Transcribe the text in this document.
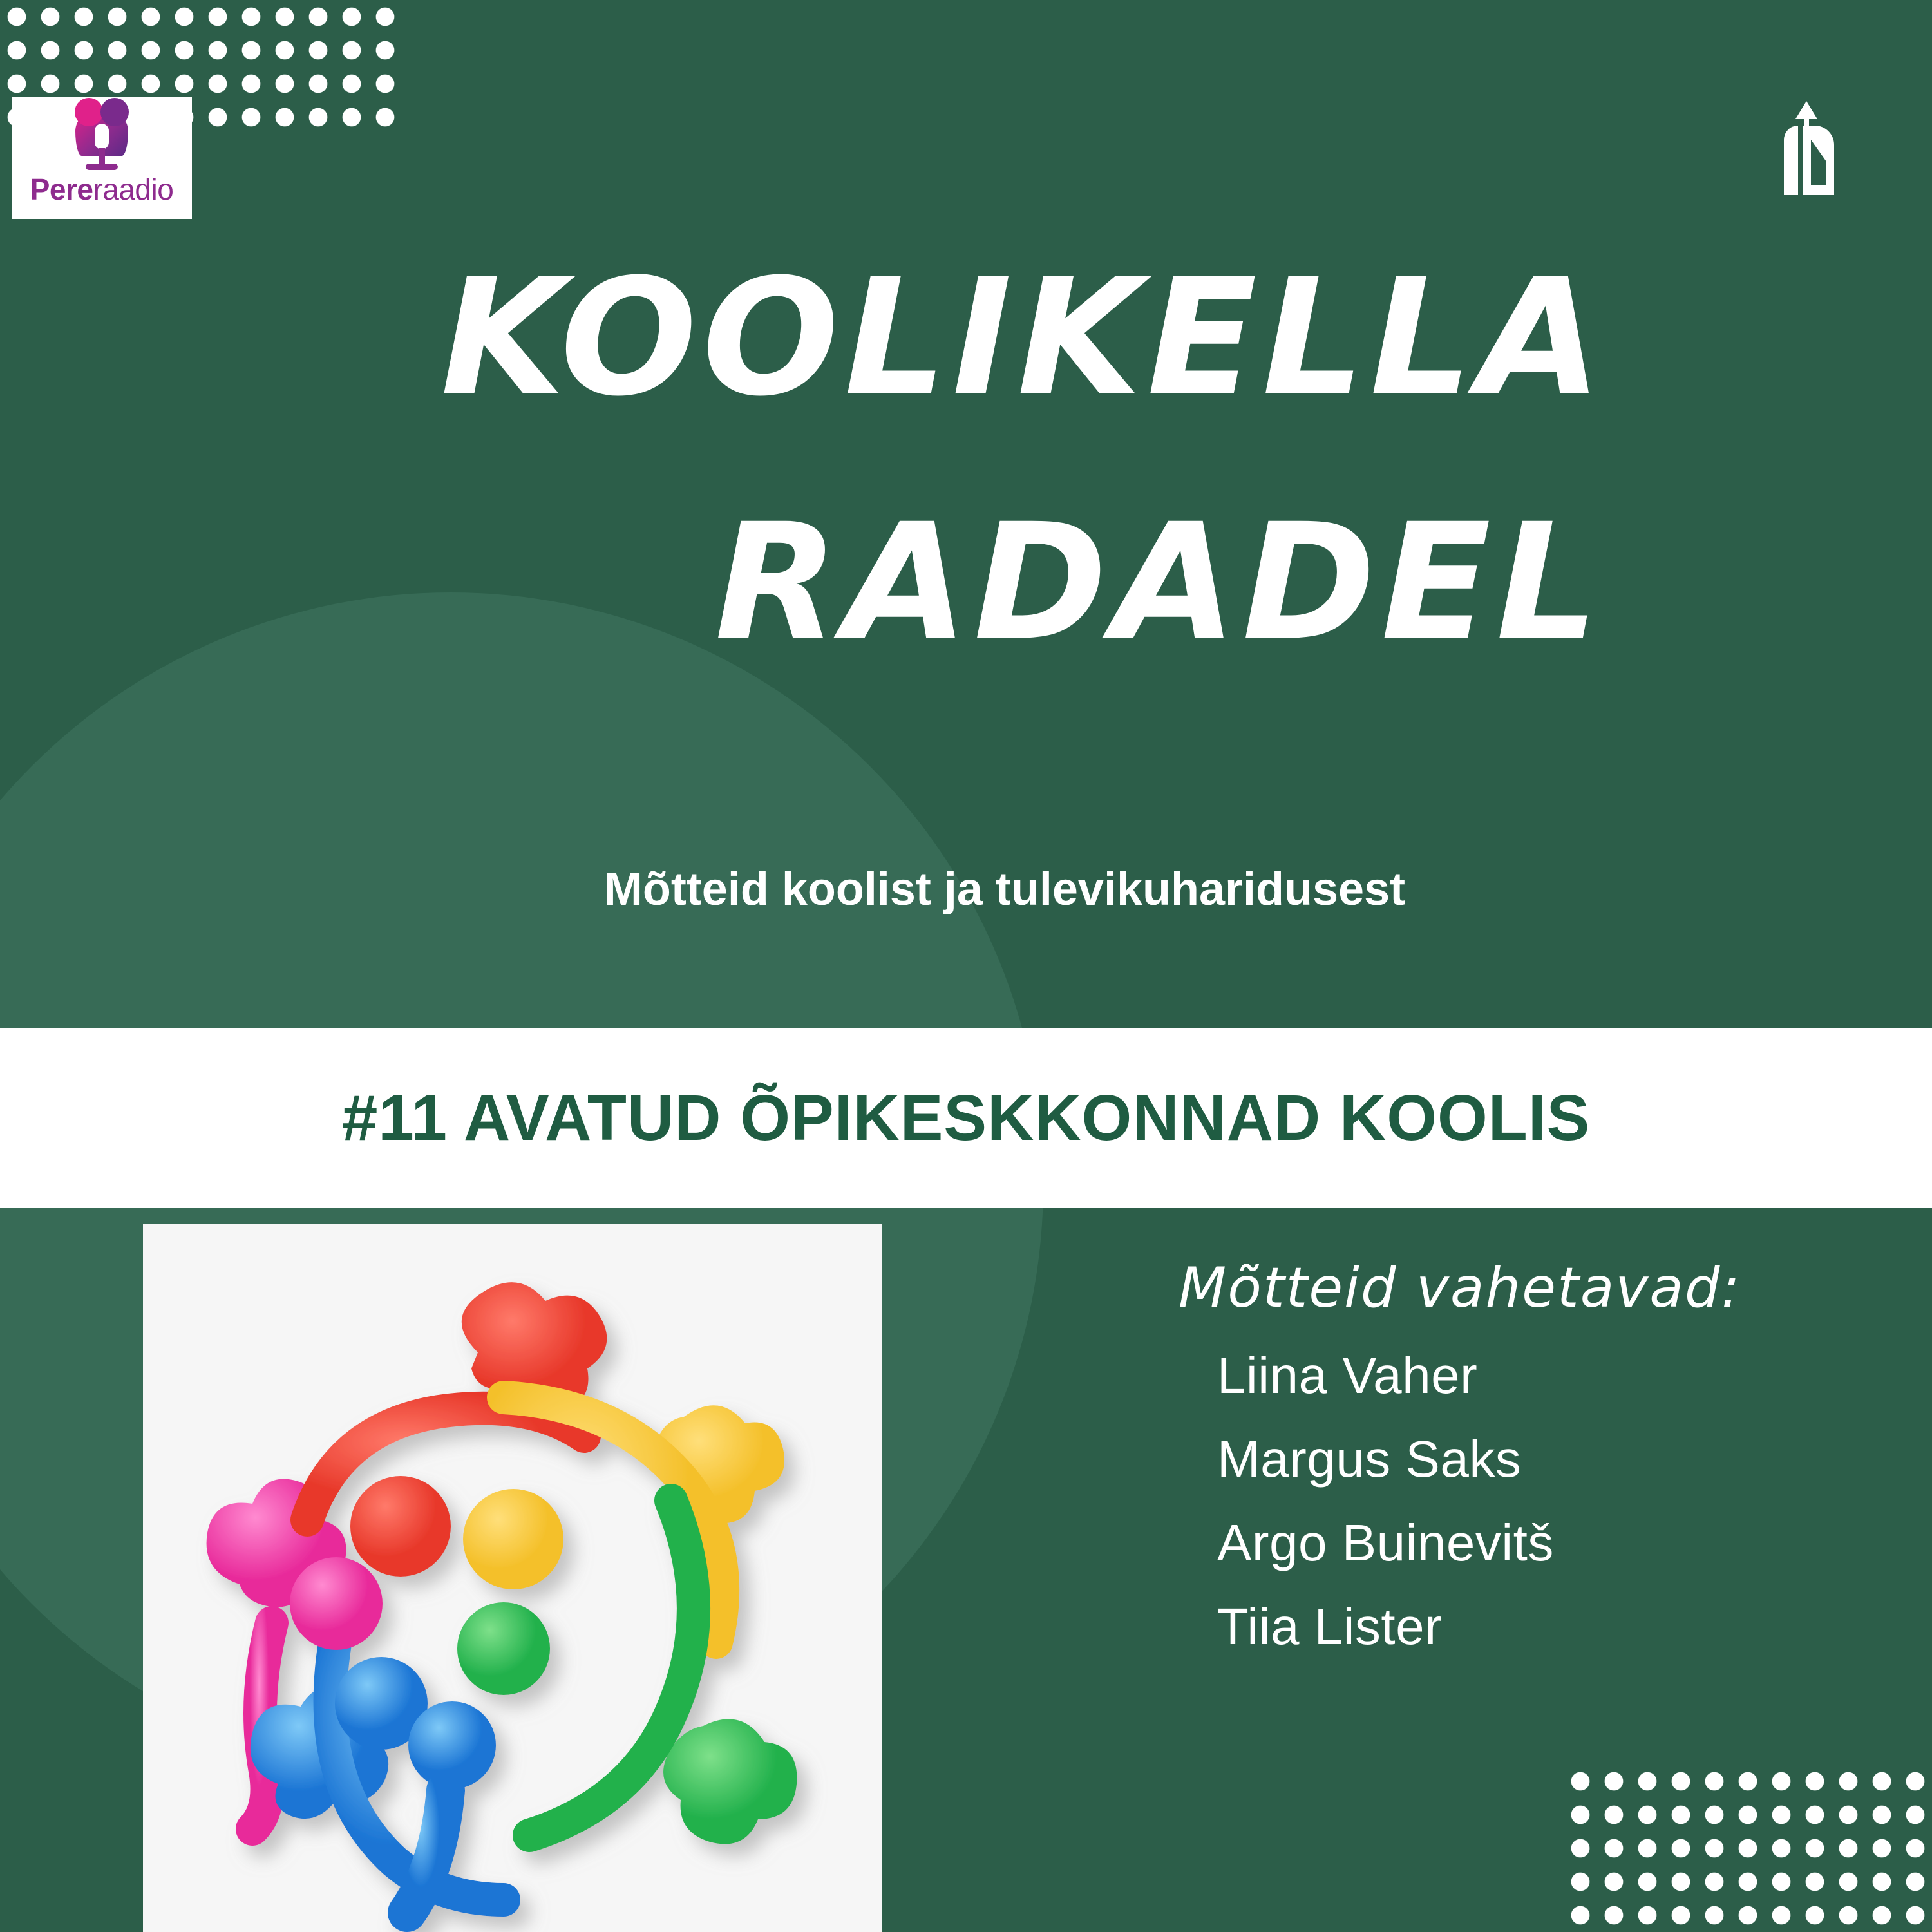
Pereraadio
KOOLIKELLA
RADADEL
Mõtteid koolist ja tulevikuharidusest
#11 AVATUD ÕPIKESKKONNAD KOOLIS
Mõtteid vahetavad:
Liina Vaher
Margus Saks
Argo Buinevitš
Tiia Lister
